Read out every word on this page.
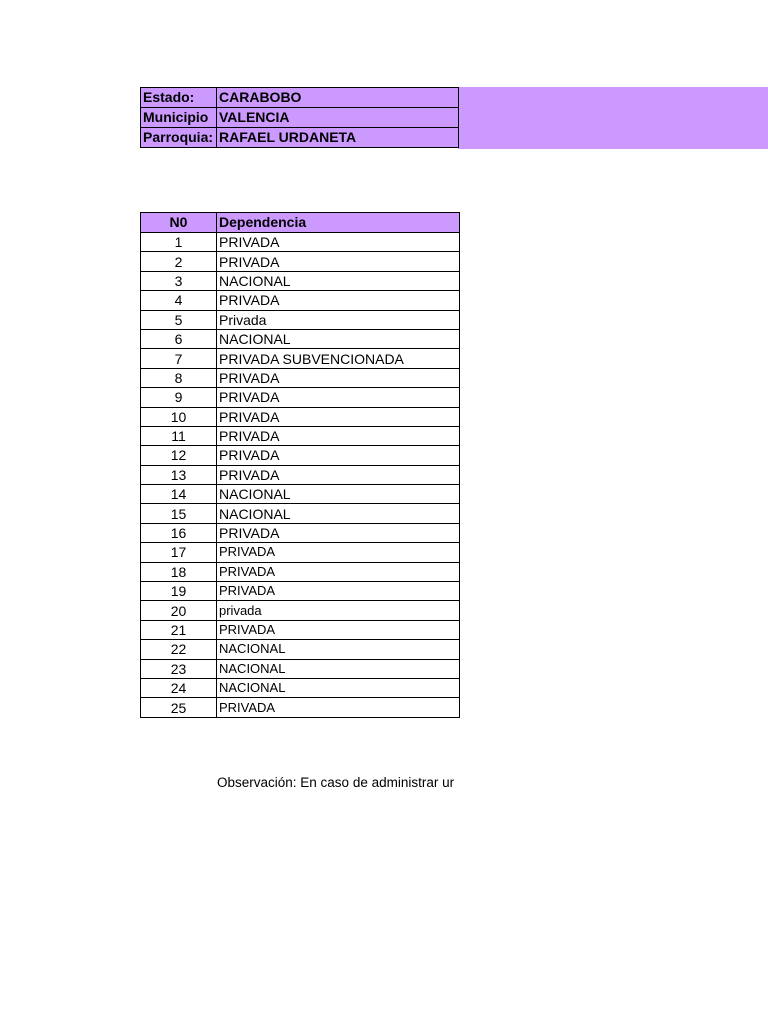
Estado:	CARABOBO
Municipio	VALENCIA
Parroquia:	RAFAEL URDANETA
N0	Dependencia
1	PRIVADA
2	PRIVADA
3	NACIONAL
4	PRIVADA
5	Privada
6	NACIONAL
7	PRIVADA SUBVENCIONADA
8	PRIVADA
9	PRIVADA
10	PRIVADA
11	PRIVADA
12	PRIVADA
13	PRIVADA
14	NACIONAL
15	NACIONAL
16	PRIVADA
17	PRIVADA
18	PRIVADA
19	PRIVADA
20	privada
21	PRIVADA
22	NACIONAL
23	NACIONAL
24	NACIONAL
25	PRIVADA
Observación: En caso de administrar ur
